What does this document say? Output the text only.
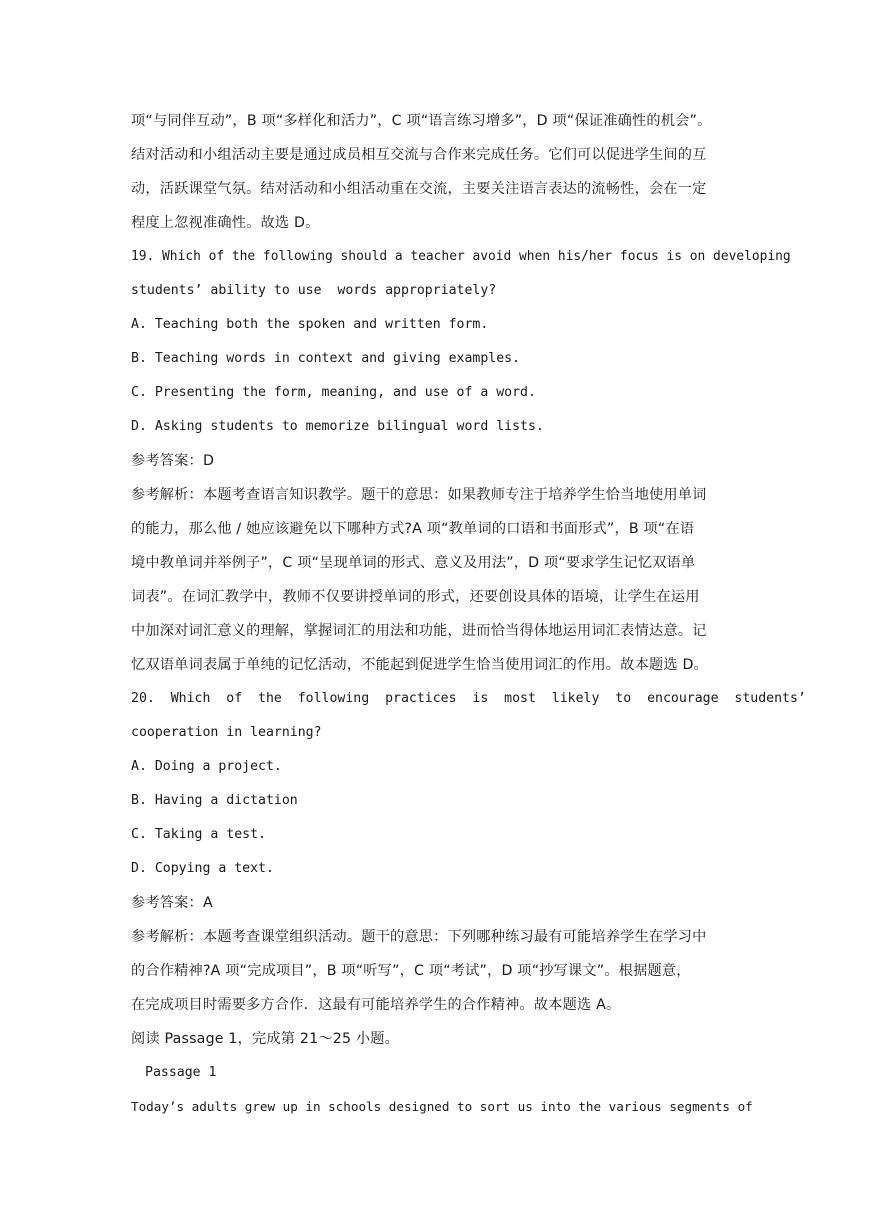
项“与同伴互动”，B 项“多样化和活力”，C 项“语言练习增多”，D 项“保证准确性的机会”。

结对活动和小组活动主要是通过成员相互交流与合作来完成任务。它们可以促进学生间的互

动，活跃课堂气氛。结对活动和小组活动重在交流，主要关注语言表达的流畅性，会在一定

程度上忽视准确性。故选 D。

19. Which of the following should a teacher avoid when his/her focus is on developing

students’ ability to use  words appropriately?

A. Teaching both the spoken and written form.

B. Teaching words in context and giving examples.

C. Presenting the form, meaning, and use of a word.

D. Asking students to memorize bilingual word lists.

参考答案：D

参考解析：本题考查语言知识教学。题干的意思：如果教师专注于培养学生恰当地使用单词

的能力，那么他 / 她应该避免以下哪种方式?A 项“教单词的口语和书面形式”，B 项“在语

境中教单词并举例子”，C 项“呈现单词的形式、意义及用法”，D 项“要求学生记忆双语单

词表”。在词汇教学中，教师不仅要讲授单词的形式，还要创设具体的语境，让学生在运用

中加深对词汇意义的理解，掌握词汇的用法和功能，进而恰当得体地运用词汇表情达意。记

忆双语单词表属于单纯的记忆活动，不能起到促进学生恰当使用词汇的作用。故本题选 D。

20.  Which  of  the  following  practices  is  most  likely  to  encourage  students’

cooperation in learning?

A. Doing a project.

B. Having a dictation

C. Taking a test.

D. Copying a text.

参考答案：A

参考解析：本题考查课堂组织活动。题干的意思：下列哪种练习最有可能培养学生在学习中

的合作精神?A 项“完成项目”，B 项“听写”，C 项“考试”，D 项“抄写课文”。根据题意，

在完成项目时需要多方合作．这最有可能培养学生的合作精神。故本题选 A。

阅读 Passage 1，完成第 21～25 小题。

Passage 1

Today’s adults grew up in schools designed to sort us into the various segments of
